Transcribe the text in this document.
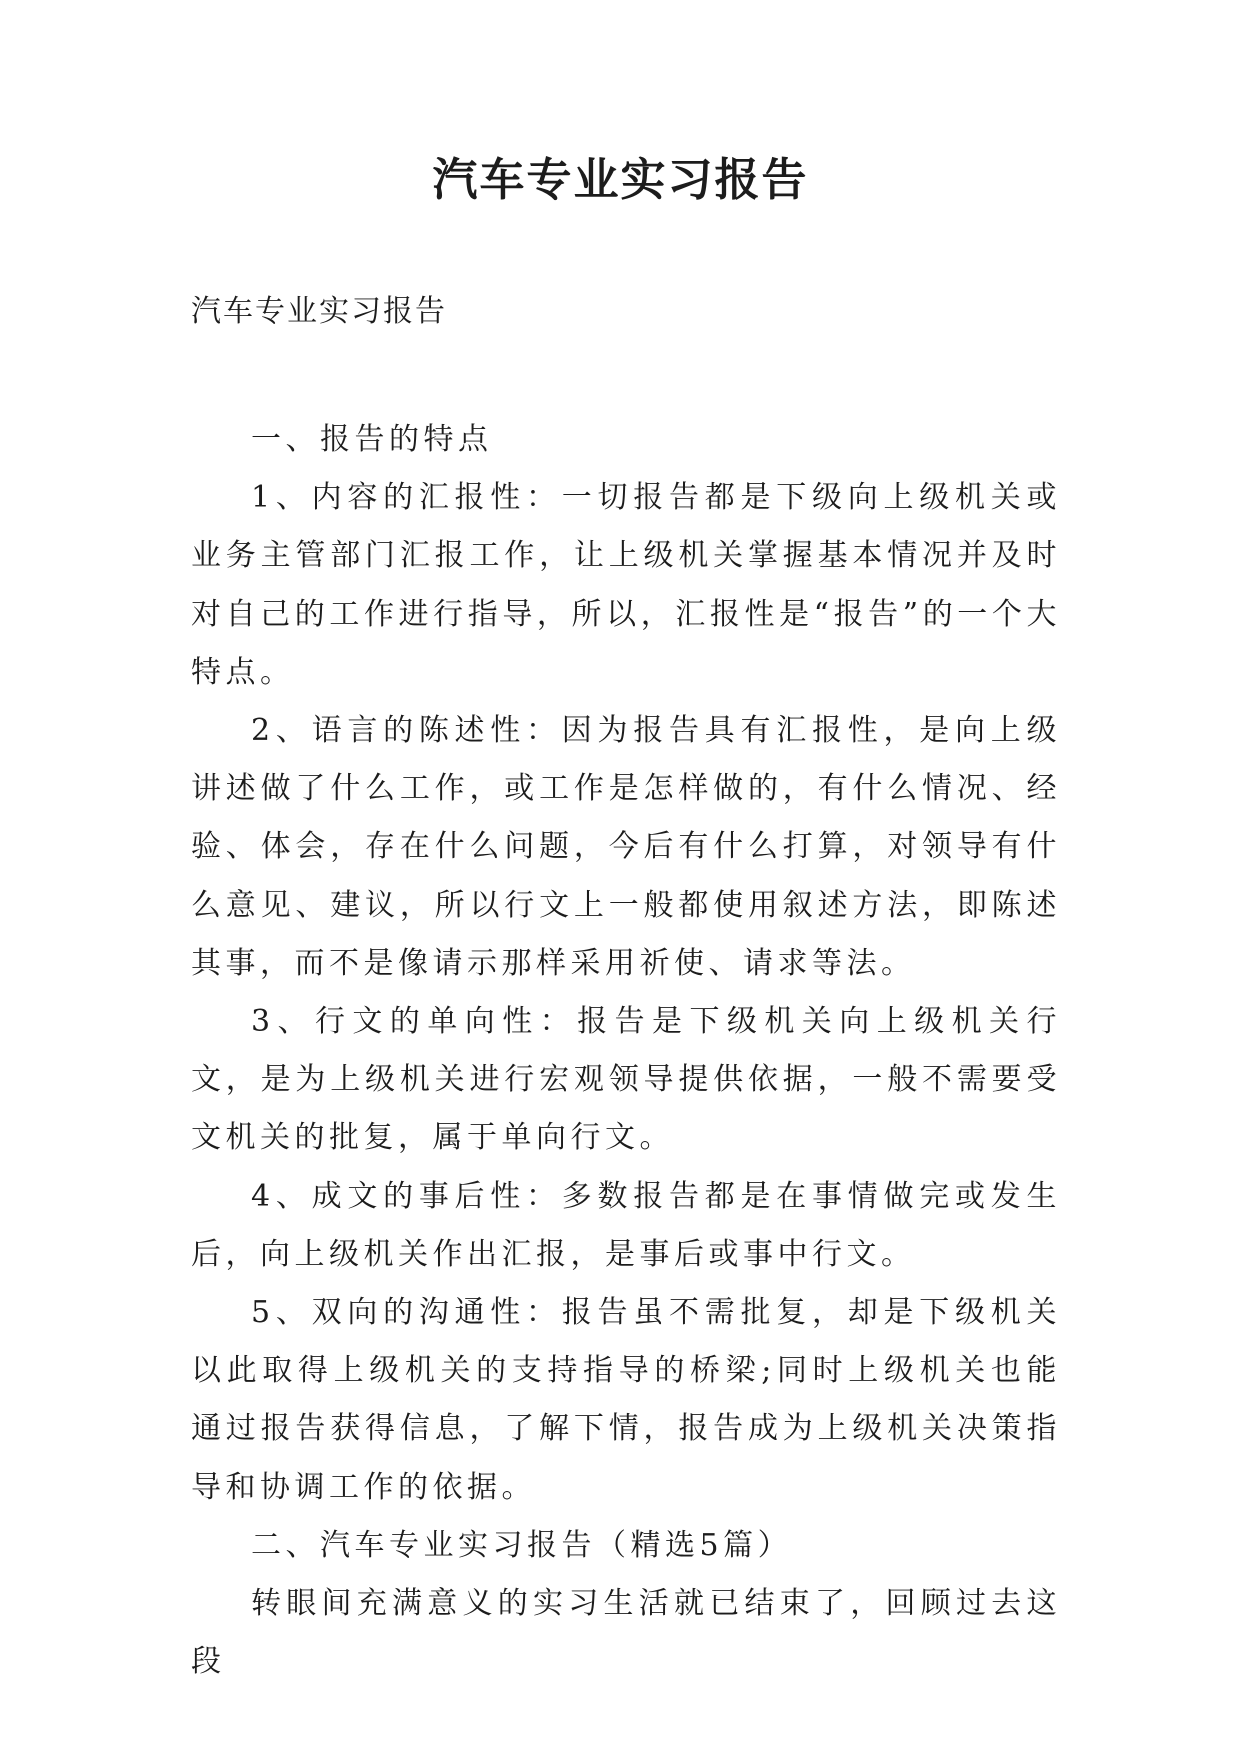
汽车专业实习报告

汽车专业实习报告

一、报告的特点

1、内容的汇报性：一切报告都是下级向上级机关或业务主管部门汇报工作，让上级机关掌握基本情况并及时对自己的工作进行指导，所以，汇报性是“报告”的一个大特点。

2、语言的陈述性：因为报告具有汇报性，是向上级讲述做了什么工作，或工作是怎样做的，有什么情况、经验、体会，存在什么问题，今后有什么打算，对领导有什么意见、建议，所以行文上一般都使用叙述方法，即陈述其事，而不是像请示那样采用祈使、请求等法。

3、行文的单向性：报告是下级机关向上级机关行文，是为上级机关进行宏观领导提供依据，一般不需要受文机关的批复，属于单向行文。

4、成文的事后性：多数报告都是在事情做完或发生后，向上级机关作出汇报，是事后或事中行文。

5、双向的沟通性：报告虽不需批复，却是下级机关以此取得上级机关的支持指导的桥梁;同时上级机关也能通过报告获得信息，了解下情，报告成为上级机关决策指导和协调工作的依据。

二、汽车专业实习报告（精选5篇）

转眼间充满意义的实习生活就已结束了，回顾过去这段
